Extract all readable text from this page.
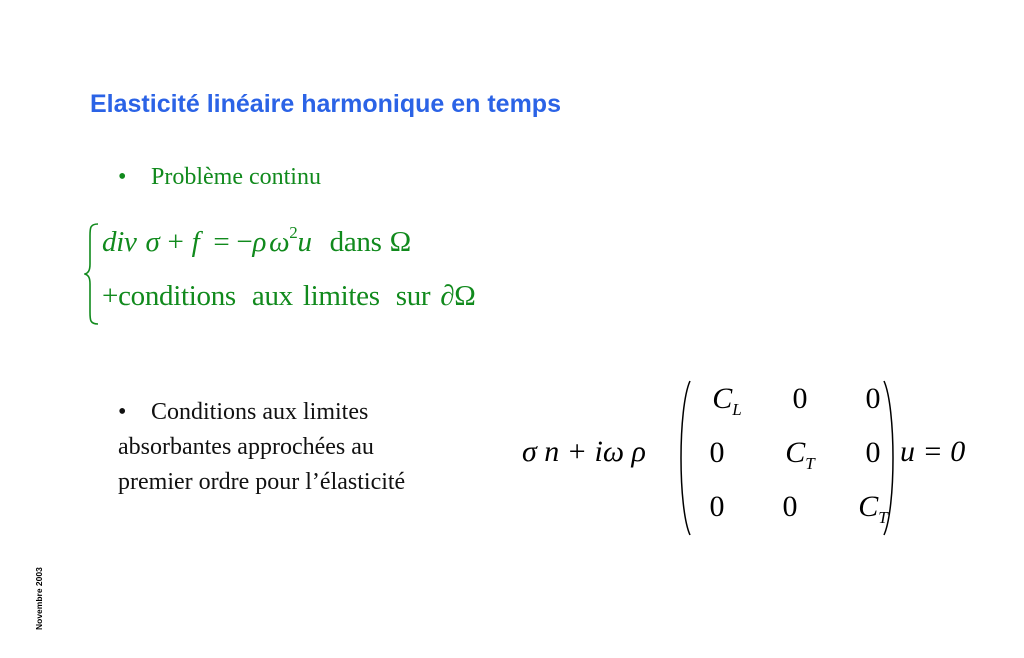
Elasticité linéaire harmonique en temps
• Problème continu
div σ + f = −ρ $\omega^2u$ dans Ω
+conditions aux limites sur ∂Ω
• Conditions aux limites
absorbantes approchées au
premier ordre pour l’élasticité
σ n + iω ρ
$C_L$	0	0
0	$C_T$	0
0	0	$C_T$
u = 0
Novembre 2003
